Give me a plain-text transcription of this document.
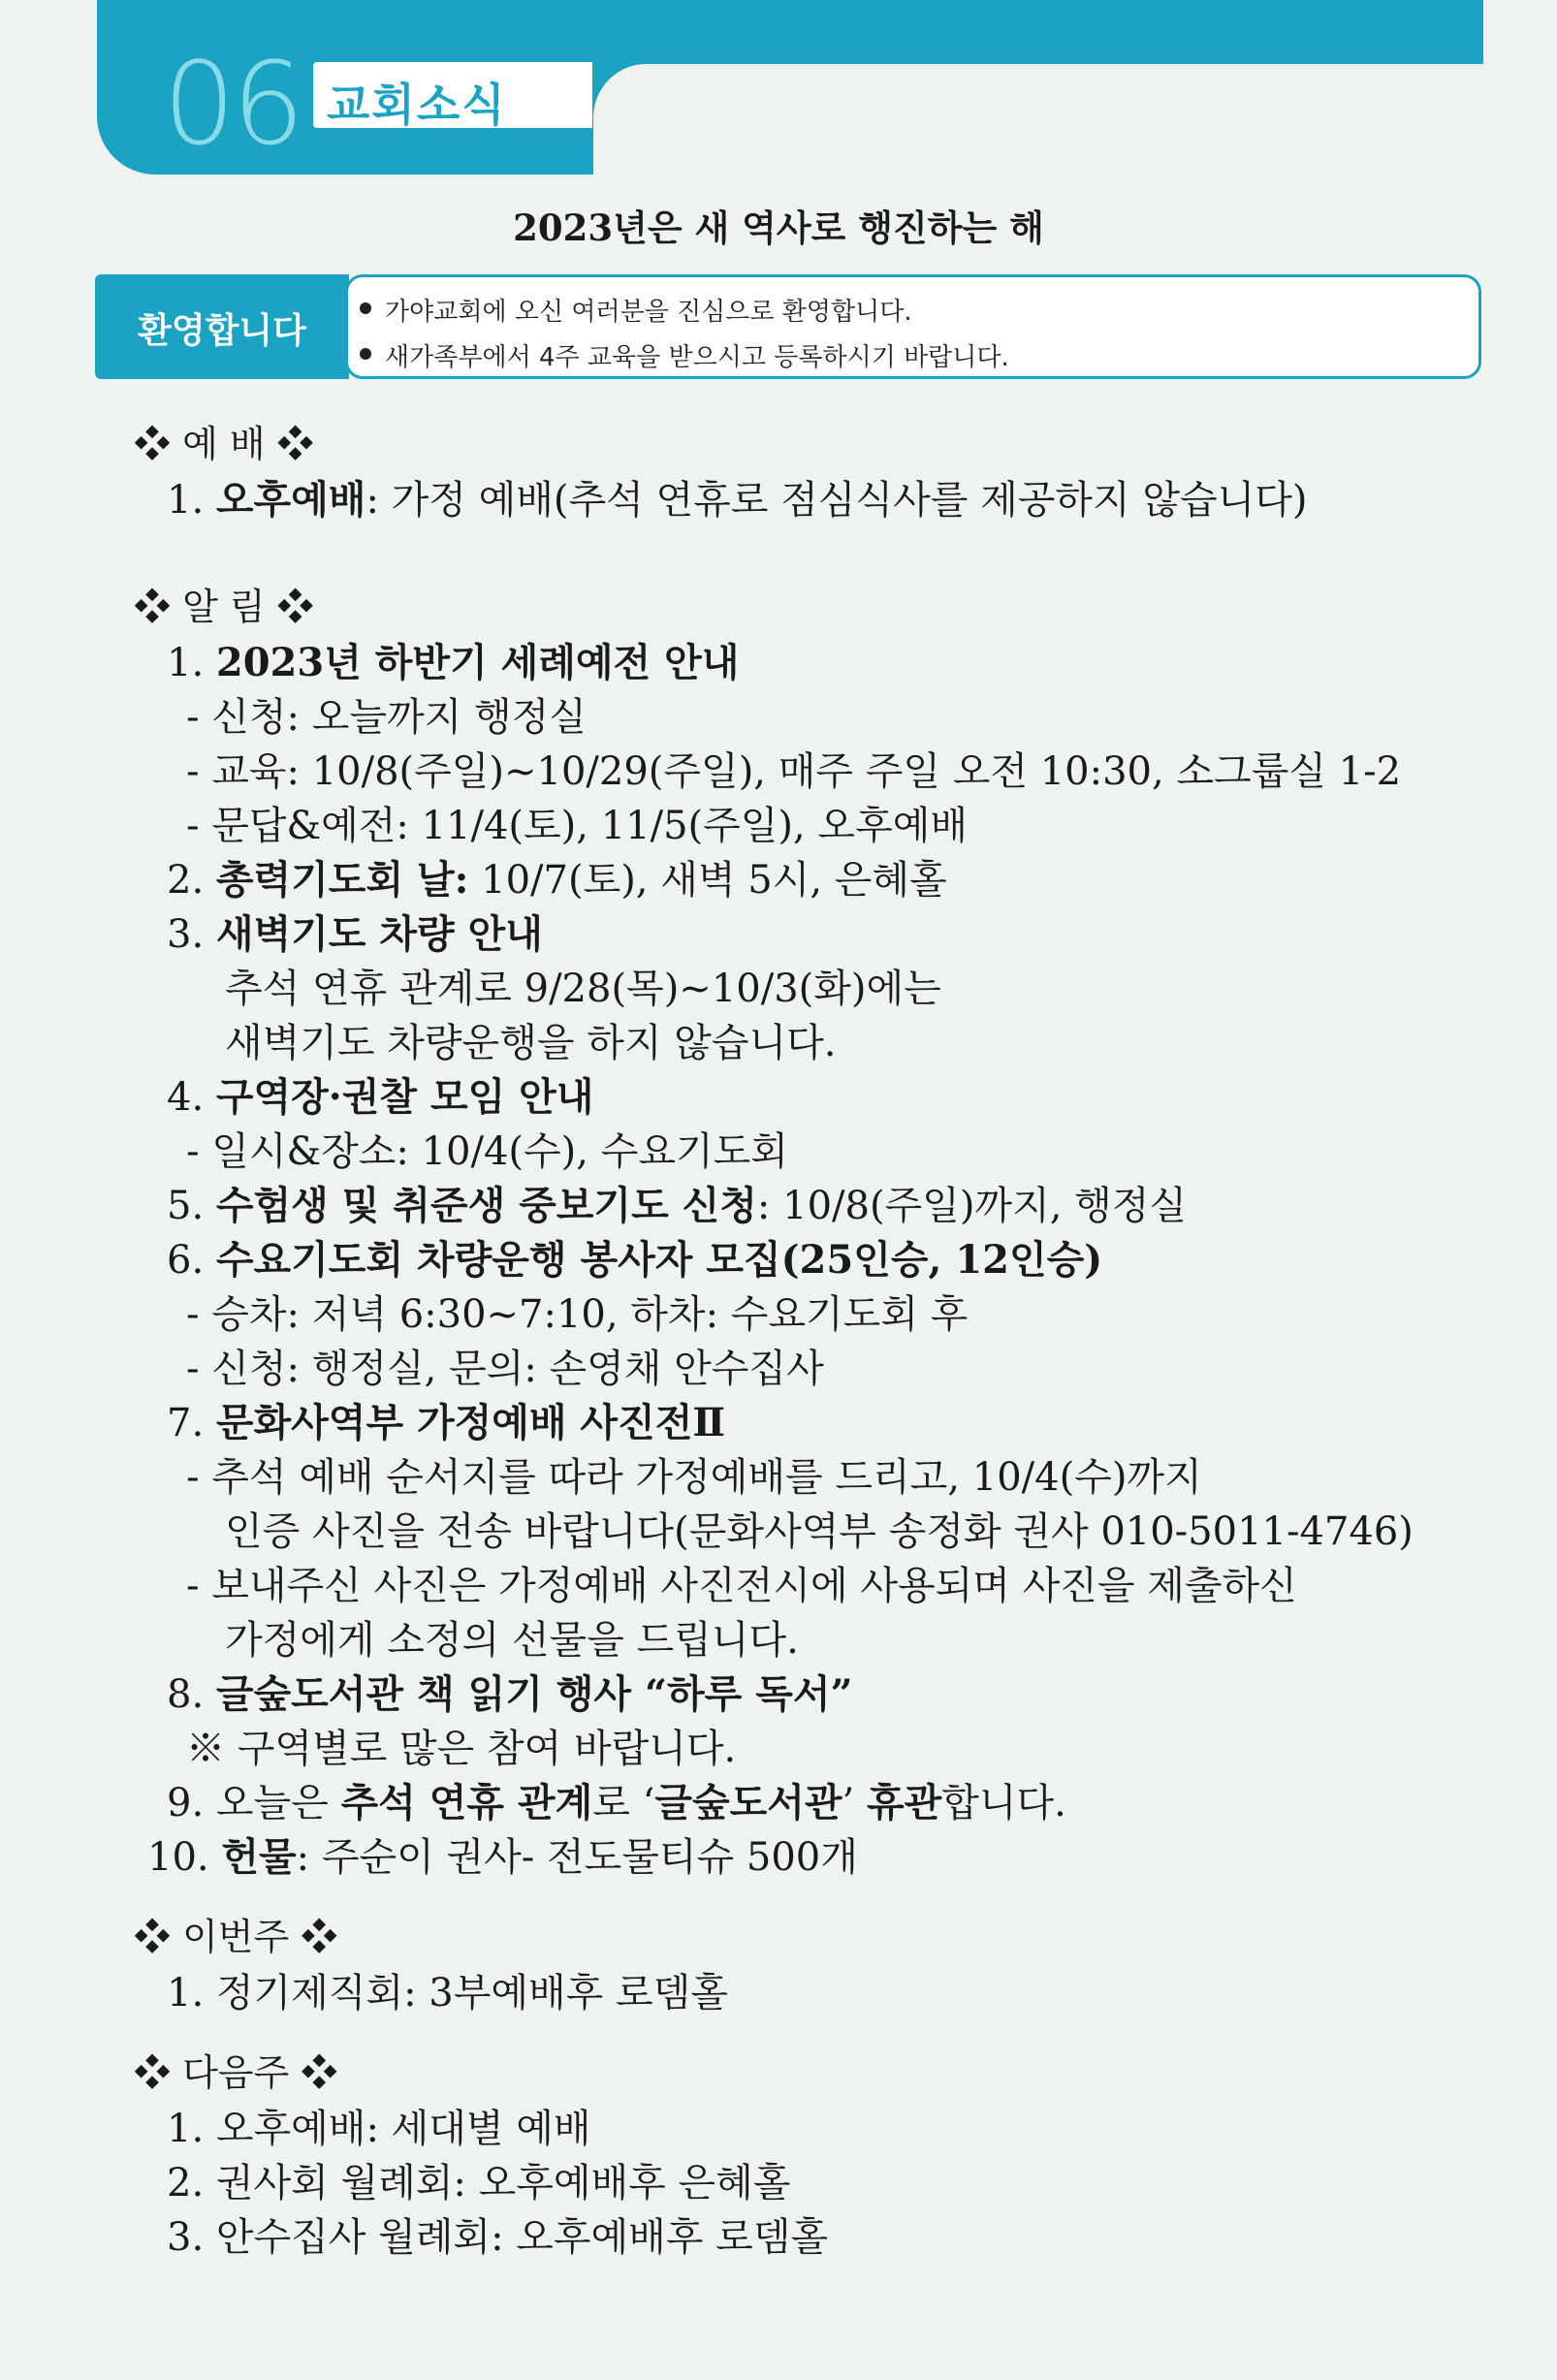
06 교회소식
2023년은 새 역사로 행진하는 해
환영합니다	가야교회에 오신 여러분을 진심으로 환영합니다.
새가족부에서 4주 교육을 받으시고 등록하시기 바랍니다.
❖ 예 배 ❖
1. 오후예배: 가정 예배(추석 연휴로 점심식사를 제공하지 않습니다)
❖ 알 림 ❖
1. 2023년 하반기 세례예전 안내
- 신청: 오늘까지 행정실
- 교육: 10/8(주일)~10/29(주일), 매주 주일 오전 10:30, 소그룹실 1-2
- 문답&예전: 11/4(토), 11/5(주일), 오후예배
2. 총력기도회 날: 10/7(토), 새벽 5시, 은혜홀
3. 새벽기도 차량 안내
추석 연휴 관계로 9/28(목)~10/3(화)에는
새벽기도 차량운행을 하지 않습니다.
4. 구역장·권찰 모임 안내
- 일시&장소: 10/4(수), 수요기도회
5. 수험생 및 취준생 중보기도 신청: 10/8(주일)까지, 행정실
6. 수요기도회 차량운행 봉사자 모집(25인승, 12인승)
- 승차: 저녁 6:30~7:10, 하차: 수요기도회 후
- 신청: 행정실, 문의: 손영채 안수집사
7. 문화사역부 가정예배 사진전Ⅱ
- 추석 예배 순서지를 따라 가정예배를 드리고, 10/4(수)까지
인증 사진을 전송 바랍니다(문화사역부 송정화 권사 010-5011-4746)
- 보내주신 사진은 가정예배 사진전시에 사용되며 사진을 제출하신
가정에게 소정의 선물을 드립니다.
8. 글숲도서관 책 읽기 행사 “하루 독서”
※ 구역별로 많은 참여 바랍니다.
9. 오늘은 추석 연휴 관계로 ‘글숲도서관’ 휴관합니다.
10. 헌물: 주순이 권사- 전도물티슈 500개
❖ 이번주 ❖
1. 정기제직회: 3부예배후 로뎀홀
❖ 다음주 ❖
1. 오후예배: 세대별 예배
2. 권사회 월례회: 오후예배후 은혜홀
3. 안수집사 월례회: 오후예배후 로뎀홀
